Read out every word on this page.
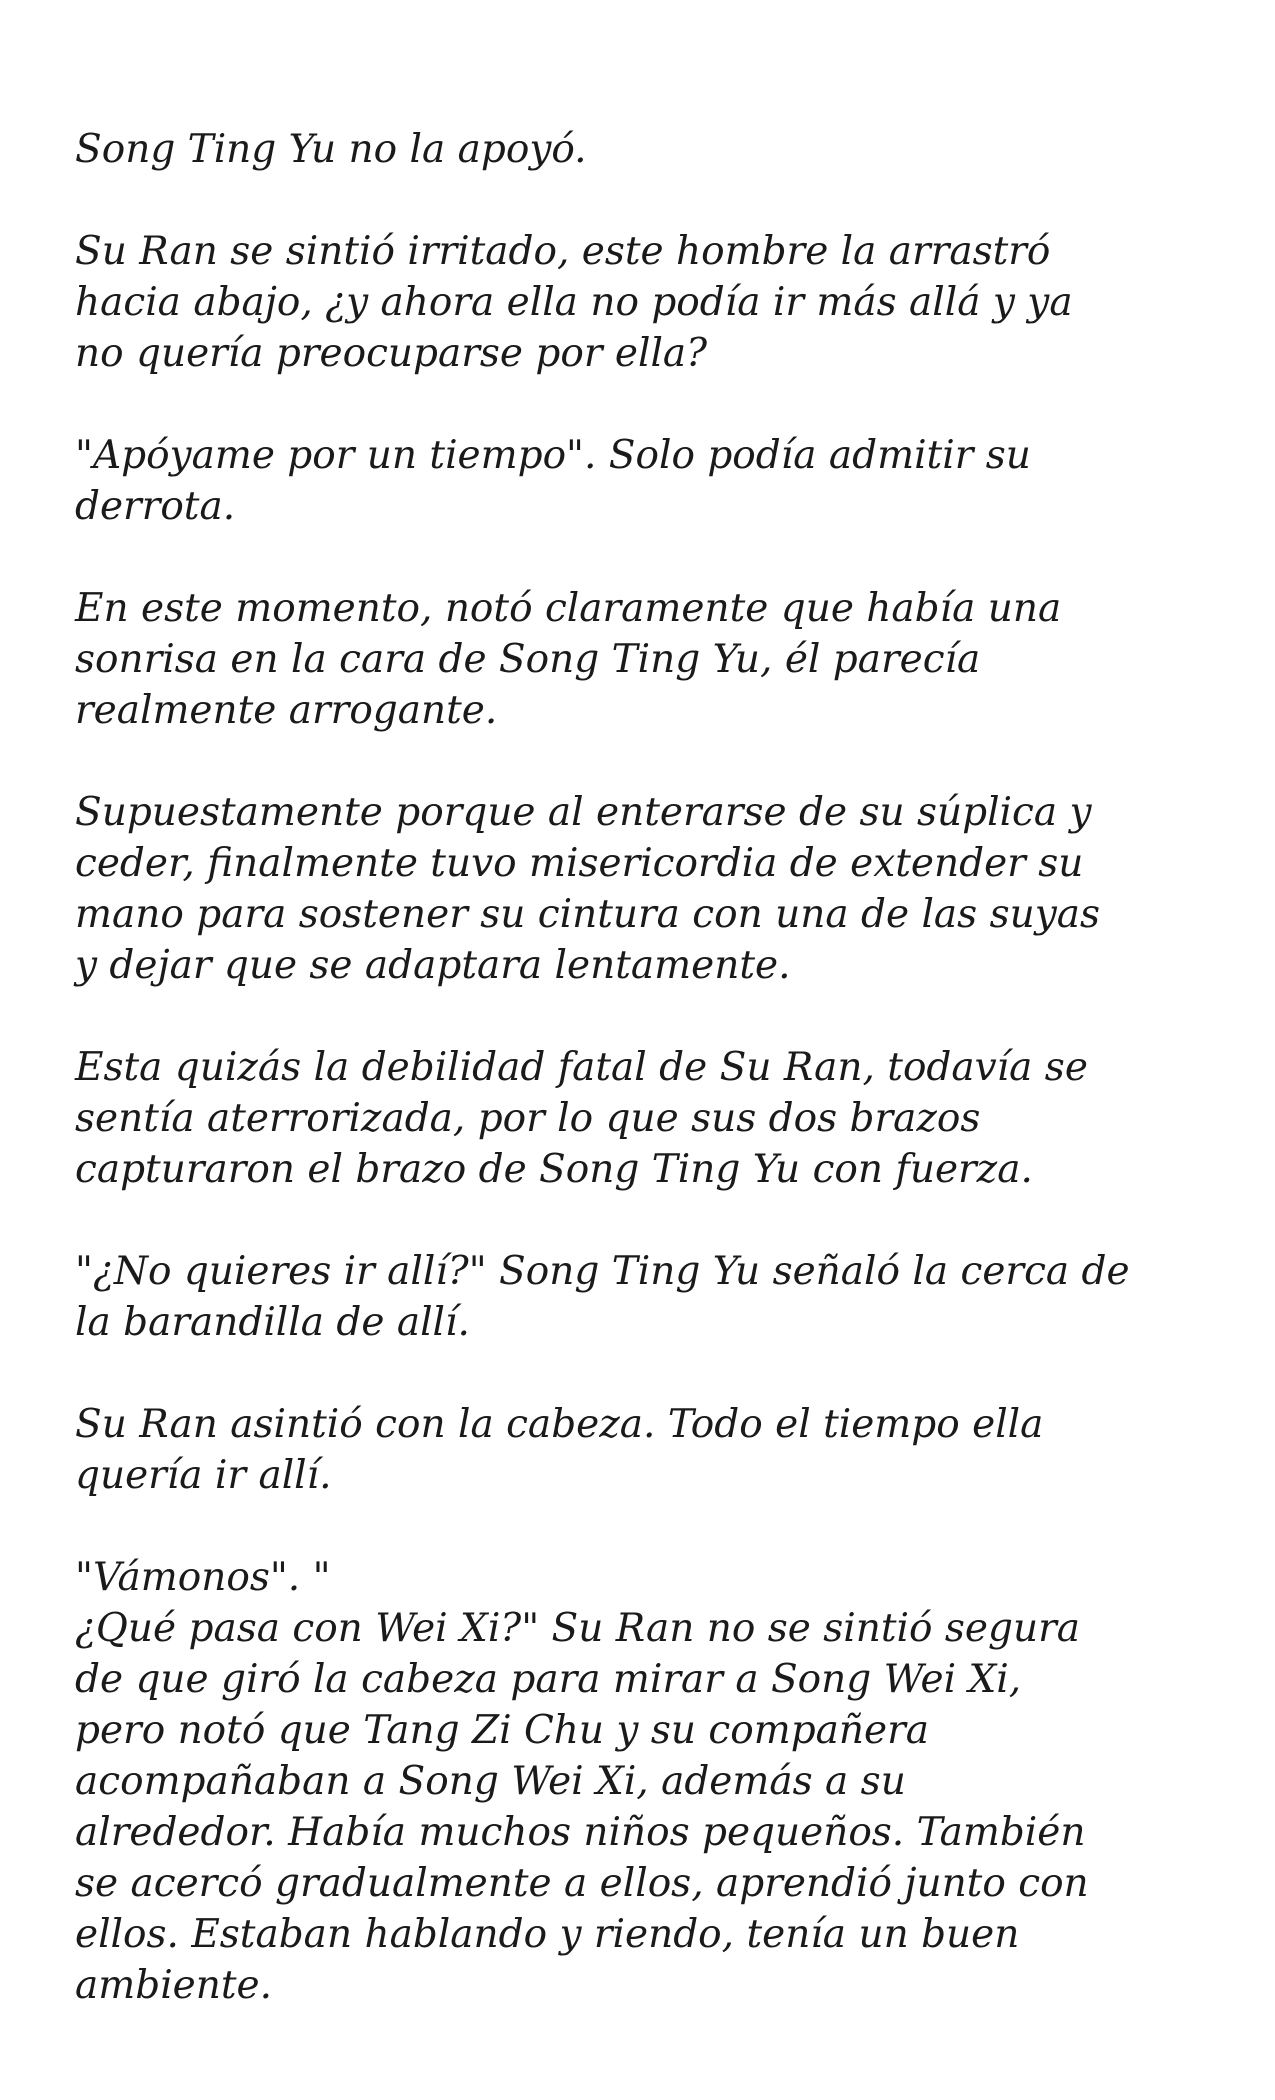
Song Ting Yu no la apoyó.

Su Ran se sintió irritado, este hombre la arrastró
hacia abajo, ¿y ahora ella no podía ir más allá y ya
no quería preocuparse por ella?

"Apóyame por un tiempo". Solo podía admitir su
derrota.

En este momento, notó claramente que había una
sonrisa en la cara de Song Ting Yu, él parecía
realmente arrogante.

Supuestamente porque al enterarse de su súplica y
ceder, finalmente tuvo misericordia de extender su
mano para sostener su cintura con una de las suyas
y dejar que se adaptara lentamente.

Esta quizás la debilidad fatal de Su Ran, todavía se
sentía aterrorizada, por lo que sus dos brazos
capturaron el brazo de Song Ting Yu con fuerza.

"¿No quieres ir allí?" Song Ting Yu señaló la cerca de
la barandilla de allí.

Su Ran asintió con la cabeza. Todo el tiempo ella
quería ir allí.

"Vámonos". "
¿Qué pasa con Wei Xi?" Su Ran no se sintió segura
de que giró la cabeza para mirar a Song Wei Xi,
pero notó que Tang Zi Chu y su compañera
acompañaban a Song Wei Xi, además a su
alrededor. Había muchos niños pequeños. También
se acercó gradualmente a ellos, aprendió junto con
ellos. Estaban hablando y riendo, tenía un buen
ambiente.
